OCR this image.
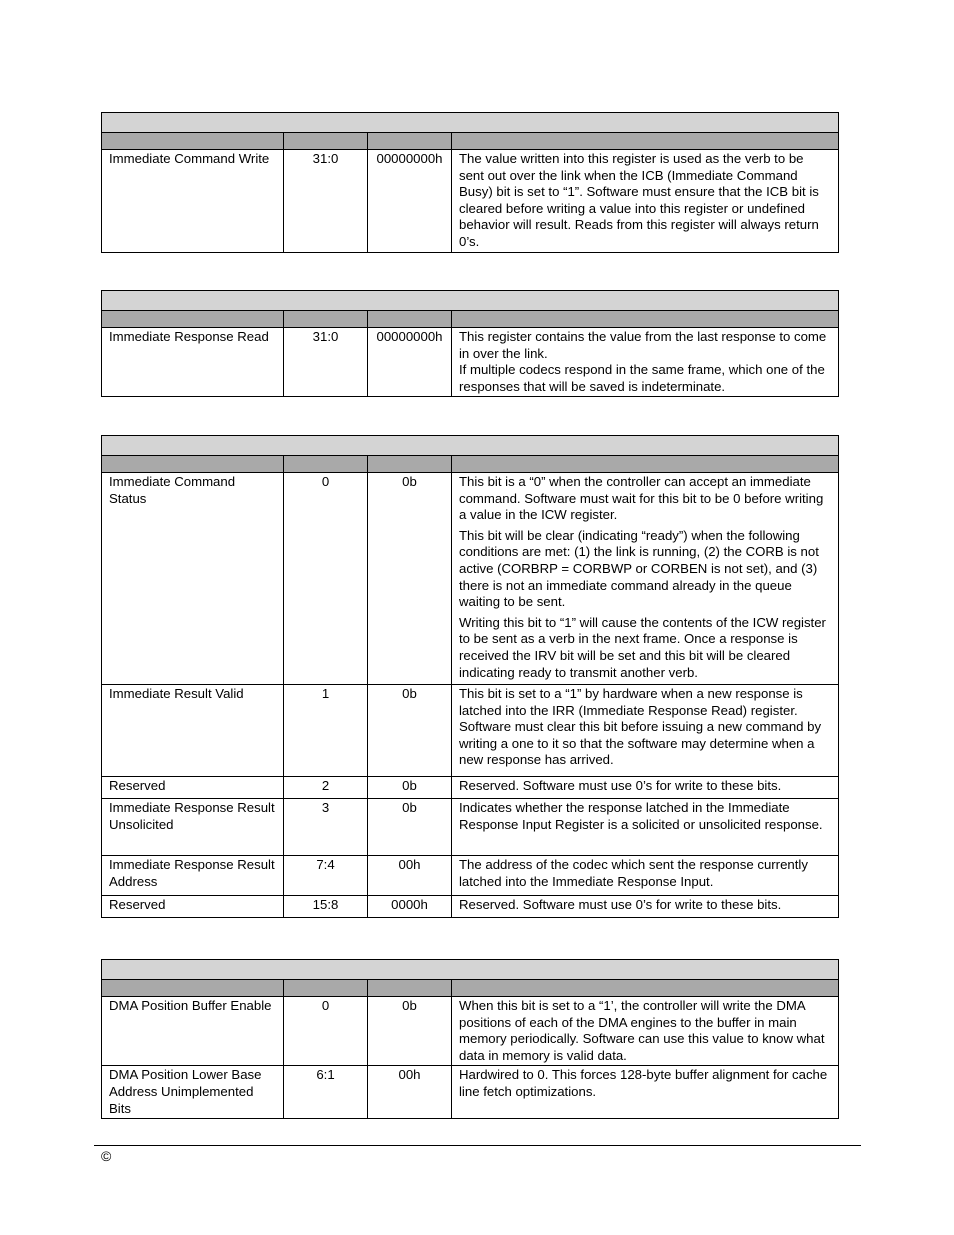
Immediate Command Write	31:0	00000000h	The value written into this register is used as the verb to be sent out over the link when the ICB (Immediate Command Busy) bit is set to “1”. Software must ensure that the ICB bit is cleared before writing a value into this register or undefined behavior will result. Reads from this register will always return 0’s.

Immediate Response Read	31:0	00000000h	This register contains the value from the last response to come in over the link.

If multiple codecs respond in the same frame, which one of the responses that will be saved is indeterminate.

Immediate Command Status	0	0b	This bit is a “0” when the controller can accept an immediate command. Software must wait for this bit to be 0 before writing a value in the ICW register.

This bit will be clear (indicating “ready”) when the following conditions are met: (1) the link is running, (2) the CORB is not active (CORBRP = CORBWP or CORBEN is not set), and (3) there is not an immediate command already in the queue waiting to be sent.

Writing this bit to “1” will cause the contents of the ICW register to be sent as a verb in the next frame. Once a response is received the IRV bit will be set and this bit will be cleared indicating ready to transmit another verb.

Immediate Result Valid	1	0b	This bit is set to a “1” by hardware when a new response is latched into the IRR (Immediate Response Read) register. Software must clear this bit before issuing a new command by writing a one to it so that the software may determine when a new response has arrived.

Reserved	2	0b	Reserved. Software must use 0’s for write to these bits.

Immediate Response Result Unsolicited	3	0b	Indicates whether the response latched in the Immediate Response Input Register is a solicited or unsolicited response.

Immediate Response Result Address	7:4	00h	The address of the codec which sent the response currently latched into the Immediate Response Input.

Reserved	15:8	0000h	Reserved. Software must use 0’s for write to these bits.

DMA Position Buffer Enable	0	0b	When this bit is set to a “1’, the controller will write the DMA positions of each of the DMA engines to the buffer in main memory periodically. Software can use this value to know what data in memory is valid data.

DMA Position Lower Base Address Unimplemented Bits	6:1	00h	Hardwired to 0. This forces 128-byte buffer alignment for cache line fetch optimizations.

©
